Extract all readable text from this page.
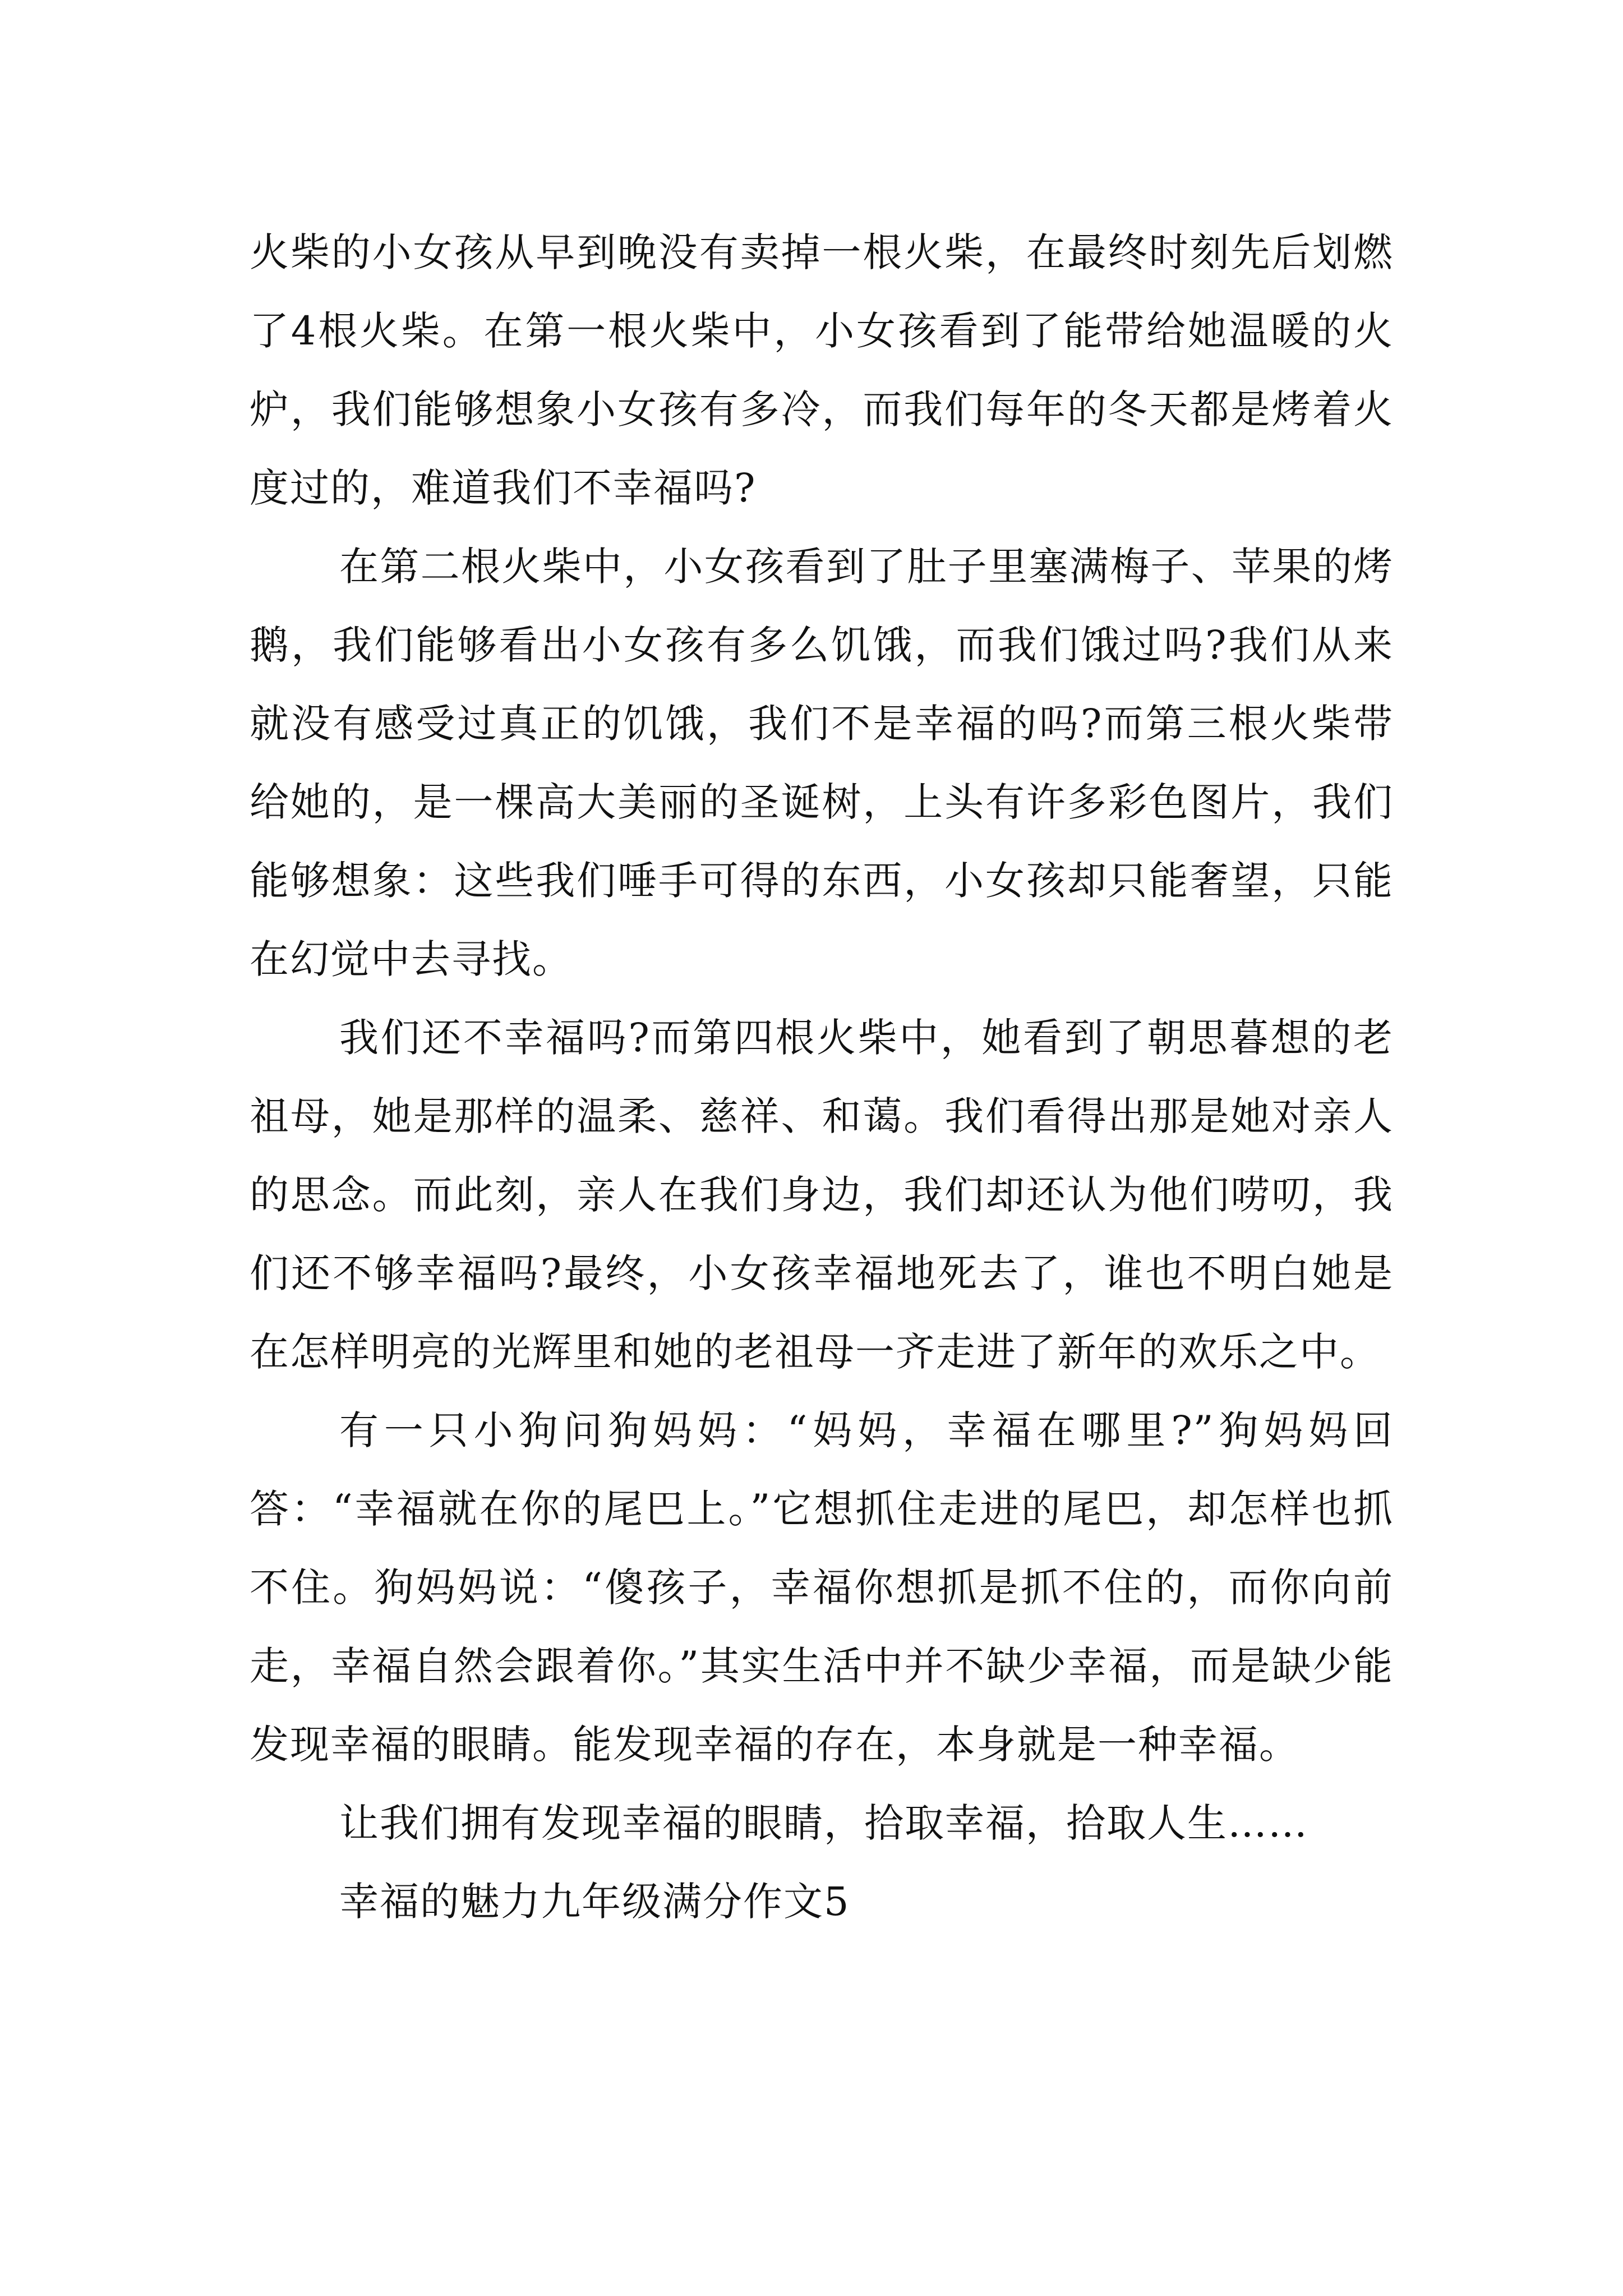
火柴的小女孩从早到晚没有卖掉一根火柴，在最终时刻先后划燃了4根火柴。在第一根火柴中，小女孩看到了能带给她温暖的火炉，我们能够想象小女孩有多冷，而我们每年的冬天都是烤着火度过的，难道我们不幸福吗?

在第二根火柴中，小女孩看到了肚子里塞满梅子、苹果的烤鹅，我们能够看出小女孩有多么饥饿，而我们饿过吗?我们从来就没有感受过真正的饥饿，我们不是幸福的吗?而第三根火柴带给她的，是一棵高大美丽的圣诞树，上头有许多彩色图片，我们能够想象：这些我们唾手可得的东西，小女孩却只能奢望，只能在幻觉中去寻找。

我们还不幸福吗?而第四根火柴中，她看到了朝思暮想的老祖母，她是那样的温柔、慈祥、和蔼。我们看得出那是她对亲人的思念。而此刻，亲人在我们身边，我们却还认为他们唠叨，我们还不够幸福吗?最终，小女孩幸福地死去了，谁也不明白她是在怎样明亮的光辉里和她的老祖母一齐走进了新年的欢乐之中。

有一只小狗问狗妈妈：“妈妈，幸福在哪里?”狗妈妈回答：“幸福就在你的尾巴上。”它想抓住走进的尾巴，却怎样也抓不住。狗妈妈说：“傻孩子，幸福你想抓是抓不住的，而你向前走，幸福自然会跟着你。”其实生活中并不缺少幸福，而是缺少能发现幸福的眼睛。能发现幸福的存在，本身就是一种幸福。

让我们拥有发现幸福的眼睛，拾取幸福，拾取人生……

幸福的魅力九年级满分作文5
